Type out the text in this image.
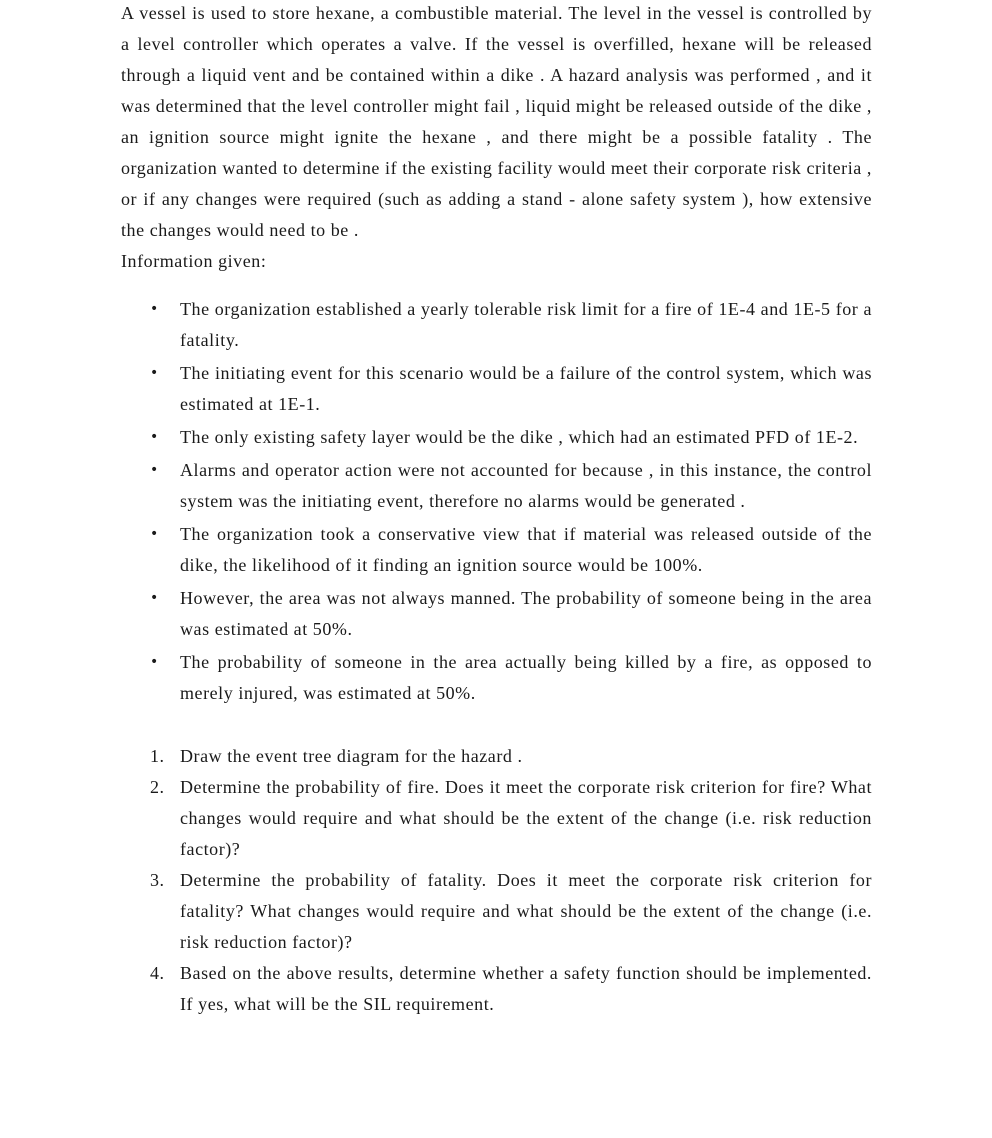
A vessel is used to store hexane, a combustible material. The level in the vessel is controlled by a level controller which operates a valve. If the vessel is overfilled, hexane will be released through a liquid vent and be contained within a dike . A hazard analysis was performed , and it was determined that the level controller might fail , liquid might be released outside of the dike , an ignition source might ignite the hexane , and there might be a possible fatality . The organization wanted to determine if the existing facility would meet their corporate risk criteria , or if any changes were required (such as adding a stand - alone safety system ), how extensive the changes would need to be .

Information given:

• The organization established a yearly tolerable risk limit for a fire of 1E-4 and 1E-5 for a fatality.
• The initiating event for this scenario would be a failure of the control system, which was estimated at 1E-1.
• The only existing safety layer would be the dike , which had an estimated PFD of 1E-2.
• Alarms and operator action were not accounted for because , in this instance, the control system was the initiating event, therefore no alarms would be generated .
• The organization took a conservative view that if material was released outside of the dike, the likelihood of it finding an ignition source would be 100%.
• However, the area was not always manned. The probability of someone being in the area was estimated at 50%.
• The probability of someone in the area actually being killed by a fire, as opposed to merely injured, was estimated at 50%.
1. Draw the event tree diagram for the hazard .
2. Determine the probability of fire. Does it meet the corporate risk criterion for fire? What changes would require and what should be the extent of the change (i.e. risk reduction factor)?
3. Determine the probability of fatality. Does it meet the corporate risk criterion for fatality? What changes would require and what should be the extent of the change (i.e. risk reduction factor)?
4. Based on the above results, determine whether a safety function should be implemented. If yes, what will be the SIL requirement.
